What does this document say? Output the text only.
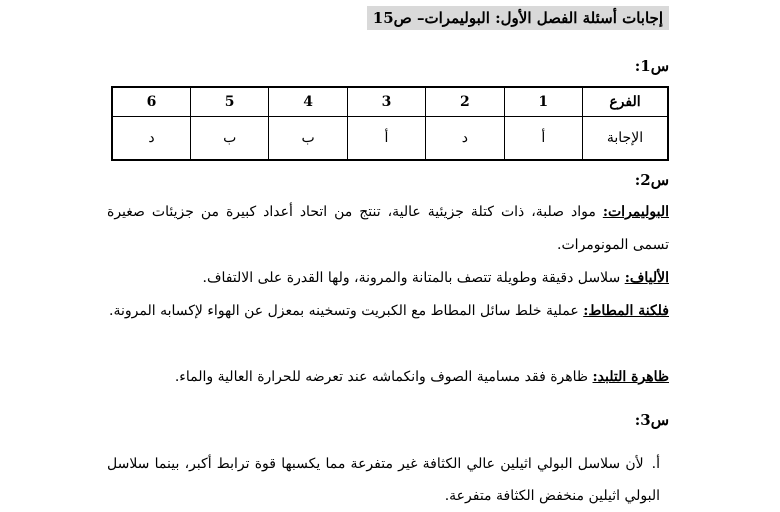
إجابات أسئلة الفصل الأول: البوليمرات– ص15
س1:
الفرع	1	2	3	4	5	6
الإجابة	أ	د	أ	ب	ب	د
س2:
البوليمرات: مواد صلبة، ذات كتلة جزيئية عالية، تنتج من اتحاد أعداد كبيرة من جزيئات صغيرة تسمى المونومرات.
الألياف: سلاسل دقيقة وطويلة تتصف بالمتانة والمرونة، ولها القدرة على الالتفاف.
فلكنة المطاط: عملية خلط سائل المطاط مع الكبريت وتسخينه بمعزل عن الهواء لإكسابه المرونة.
ظاهرة التلبد: ظاهرة فقد مسامية الصوف وانكماشه عند تعرضه للحرارة العالية والماء.
س3:
أ.لأن سلاسل البولي اثيلين عالي الكثافة غير متفرعة مما يكسبها قوة ترابط أكبر، بينما سلاسل البولي اثيلين منخفض الكثافة متفرعة.
